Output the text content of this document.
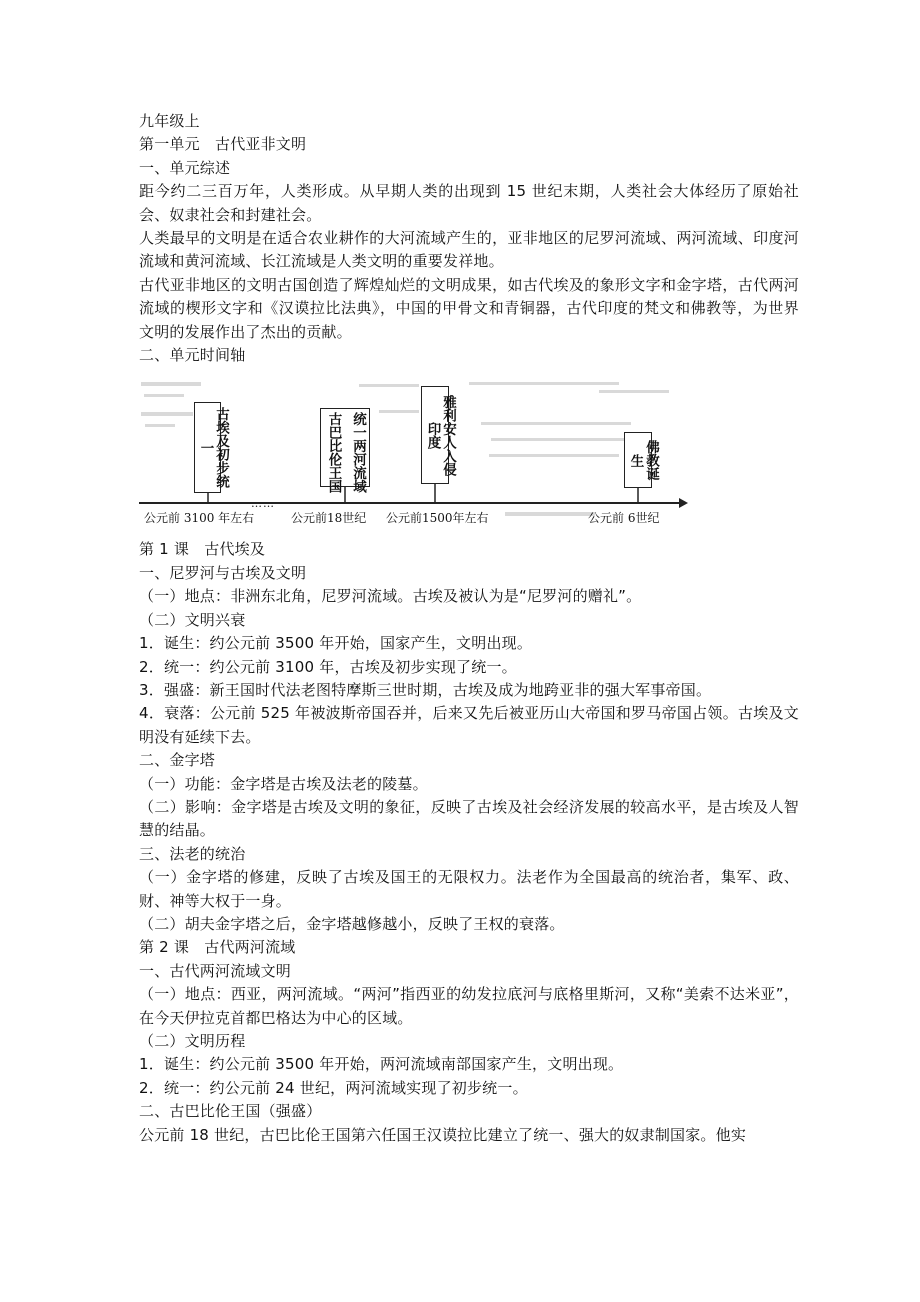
九年级上
第一单元　古代亚非文明
一、单元综述
距今约二三百万年，人类形成。从早期人类的出现到 15 世纪末期，人类社会大体经历了原始社会、奴隶社会和封建社会。
人类最早的文明是在适合农业耕作的大河流域产生的，亚非地区的尼罗河流域、两河流域、印度河流域和黄河流域、长江流域是人类文明的重要发祥地。
古代亚非地区的文明古国创造了辉煌灿烂的文明成果，如古代埃及的象形文字和金字塔，古代两河流域的楔形文字和《汉谟拉比法典》，中国的甲骨文和青铜器，古代印度的梵文和佛教等，为世界文明的发展作出了杰出的贡献。
二、单元时间轴
……
古埃及初步统一	古巴比伦王国 统一两河流域	雅利安人入侵印度
佛教诞生
公元前 3100 年左右	公元前18世纪 公元前1500年左右	公元前 6世纪
第 1 课　古代埃及
一、尼罗河与古埃及文明
（一）地点：非洲东北角，尼罗河流域。古埃及被认为是“尼罗河的赠礼”。
（二）文明兴衰
1．诞生：约公元前 3500 年开始，国家产生，文明出现。
2．统一：约公元前 3100 年，古埃及初步实现了统一。
3．强盛：新王国时代法老图特摩斯三世时期，古埃及成为地跨亚非的强大军事帝国。
4．衰落：公元前 525 年被波斯帝国吞并，后来又先后被亚历山大帝国和罗马帝国占领。古埃及文明没有延续下去。
二、金字塔
（一）功能：金字塔是古埃及法老的陵墓。
（二）影响：金字塔是古埃及文明的象征，反映了古埃及社会经济发展的较高水平，是古埃及人智慧的结晶。
三、法老的统治
（一）金字塔的修建，反映了古埃及国王的无限权力。法老作为全国最高的统治者，集军、政、财、神等大权于一身。
（二）胡夫金字塔之后，金字塔越修越小，反映了王权的衰落。
第 2 课　古代两河流域
一、古代两河流域文明
（一）地点：西亚，两河流域。“两河”指西亚的幼发拉底河与底格里斯河，又称“美索不达米亚”，在今天伊拉克首都巴格达为中心的区域。
（二）文明历程
1．诞生：约公元前 3500 年开始，两河流域南部国家产生，文明出现。
2．统一：约公元前 24 世纪，两河流域实现了初步统一。
二、古巴比伦王国（强盛）
公元前 18 世纪，古巴比伦王国第六任国王汉谟拉比建立了统一、强大的奴隶制国家。他实
